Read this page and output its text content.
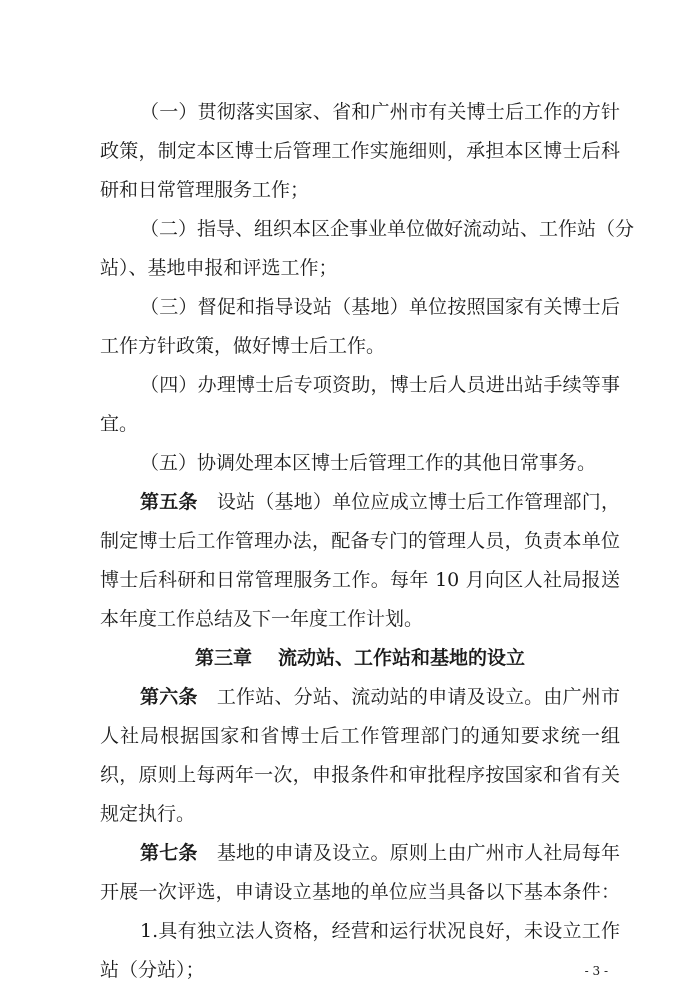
（一）贯彻落实国家、省和广州市有关博士后工作的方针
政策，制定本区博士后管理工作实施细则，承担本区博士后科
研和日常管理服务工作；
（二）指导、组织本区企事业单位做好流动站、工作站（分
站）、基地申报和评选工作；
（三）督促和指导设站（基地）单位按照国家有关博士后
工作方针政策，做好博士后工作。
（四）办理博士后专项资助，博士后人员进出站手续等事
宜。
（五）协调处理本区博士后管理工作的其他日常事务。
第五条　设站（基地）单位应成立博士后工作管理部门，
制定博士后工作管理办法，配备专门的管理人员，负责本单位
博士后科研和日常管理服务工作。每年 10 月向区人社局报送
本年度工作总结及下一年度工作计划。
第三章 流动站、工作站和基地的设立
第六条　工作站、分站、流动站的申请及设立。由广州市
人社局根据国家和省博士后工作管理部门的通知要求统一组
织，原则上每两年一次，申报条件和审批程序按国家和省有关
规定执行。
第七条　基地的申请及设立。原则上由广州市人社局每年
开展一次评选，申请设立基地的单位应当具备以下基本条件：
1.具有独立法人资格，经营和运行状况良好，未设立工作
站（分站）；	- 3 -
